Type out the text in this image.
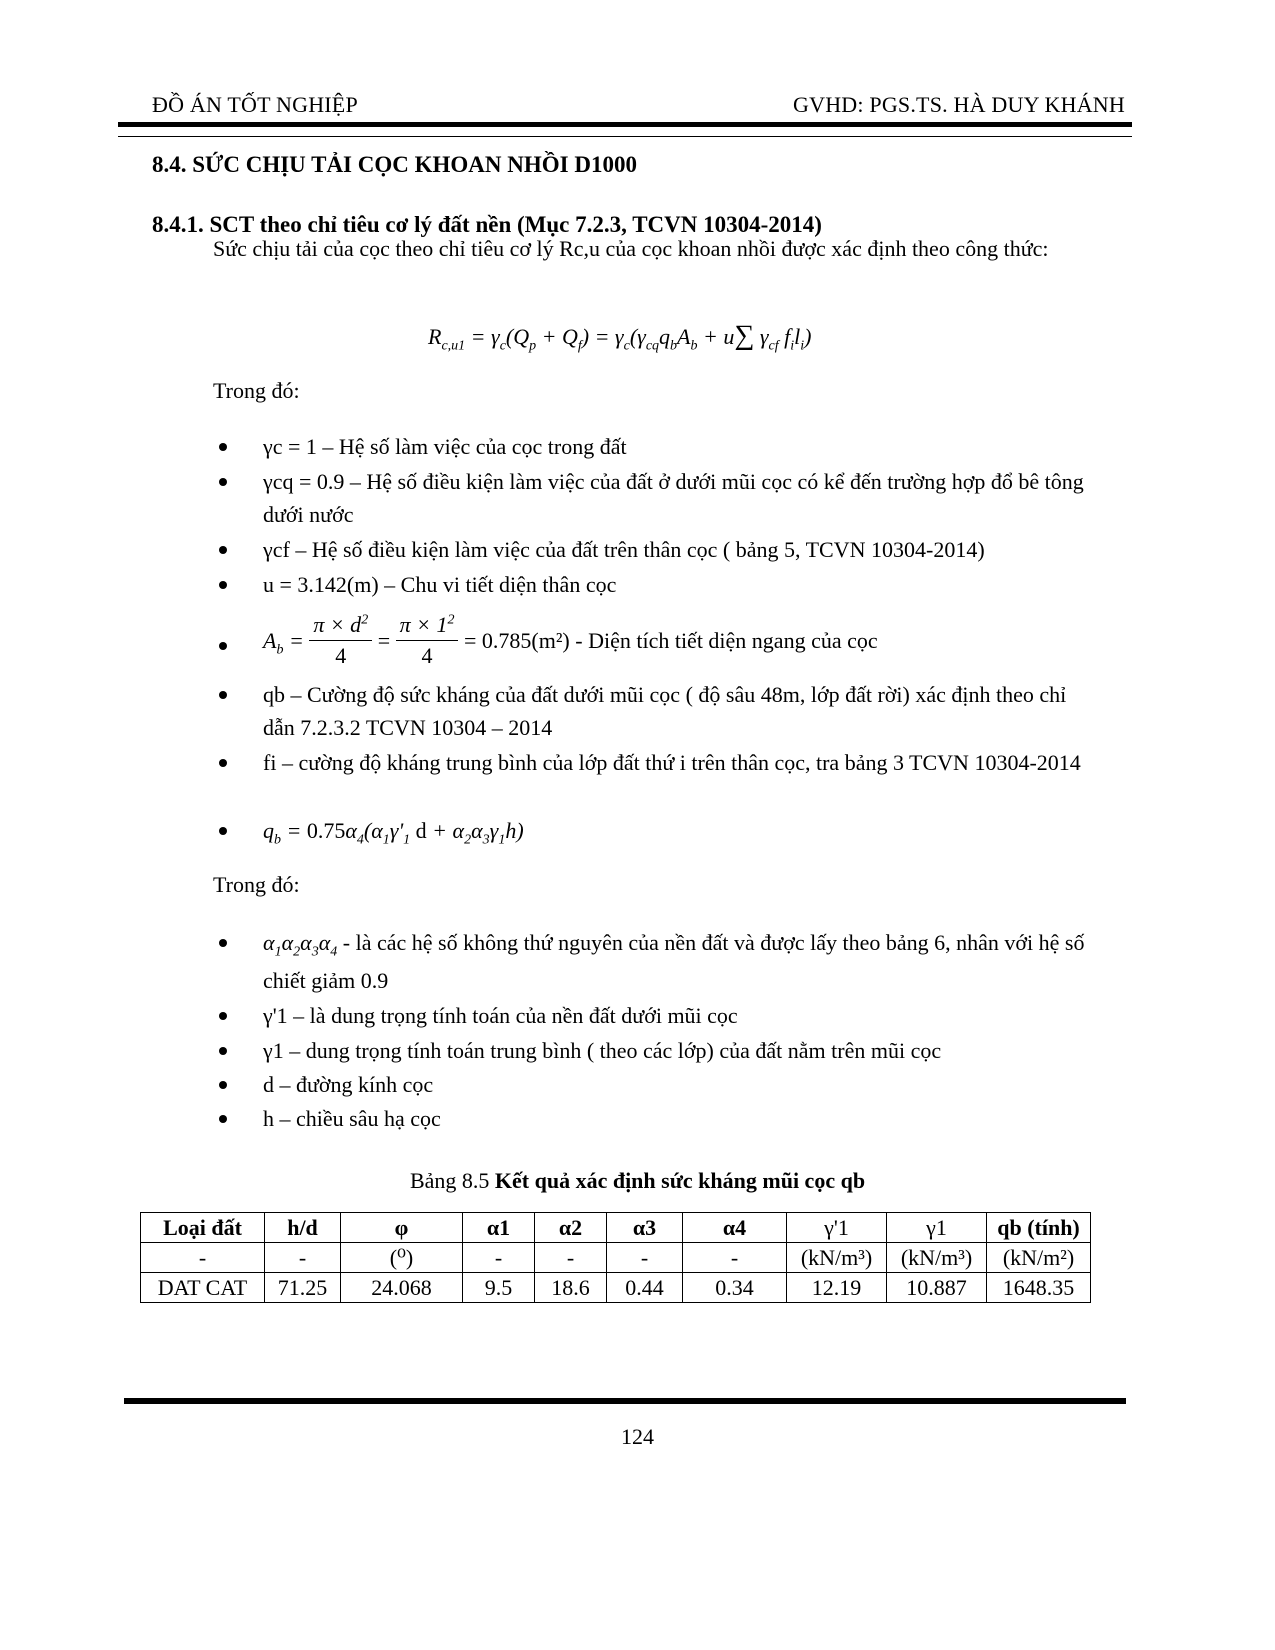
ĐỒ ÁN TỐT NGHIỆP	GVHD: PGS.TS. HÀ DUY KHÁNH
8.4. SỨC CHỊU TẢI CỌC KHOAN NHỒI D1000
8.4.1. SCT theo chỉ tiêu cơ lý đất nền (Mục 7.2.3, TCVN 10304-2014)
Sức chịu tải của cọc theo chỉ tiêu cơ lý Rc,u của cọc khoan nhồi được xác định theo công thức:
$R_{c,u1} = \gamma_c(Q_p + Q_f) = \gamma_c(\gamma_{cq}q_bA_b + u\sum$ $\gamma_{cf}$ $f_il_i$)
Trong đó:
γc = 1 – Hệ số làm việc của cọc trong đất
γcq = 0.9 – Hệ số điều kiện làm việc của đất ở dưới mũi cọc có kể đến trường hợp đổ bê tông dưới nước
γcf – Hệ số điều kiện làm việc của đất trên thân cọc ( bảng 5, TCVN 10304-2014)
u = 3.142(m) – Chu vi tiết diện thân cọc
$A_b = \frac{\pi \times d^2}{4} = \frac{\pi \times 1^2}{4} = 0.785(m^2)$ - Diện tích tiết diện ngang của cọc
qb – Cường độ sức kháng của đất dưới mũi cọc ( độ sâu 48m, lớp đất rời) xác định theo chỉ dẫn 7.2.3.2 TCVN 10304 – 2014
fi – cường độ kháng trung bình của lớp đất thứ i trên thân cọc, tra bảng 3 TCVN 10304-2014
$q_b = 0.75\alpha_4(\alpha_1\gamma'_1$ $d + \alpha_2\alpha_3\gamma_1h$)
Trong đó:
$\alpha_1\alpha_2\alpha_3\alpha_4$ - là các hệ số không thứ nguyên của nền đất và được lấy theo bảng 6, nhân với hệ số chiết giảm 0.9
γ'1 – là dung trọng tính toán của nền đất dưới mũi cọc
γ1 – dung trọng tính toán trung bình ( theo các lớp) của đất nằm trên mũi cọc
d – đường kính cọc
h – chiều sâu hạ cọc
Bảng 8.5 Kết quả xác định sức kháng mũi cọc qb
Loại đất	h/d	φ	α1	α2	α3	α4	γ'1	γ1	qb (tính)
-	-	(⁰)	-	-	-	-	(kN/m³)	(kN/m³)	(kN/m²)
DAT CAT	71.25	24.068	9.5	18.6	0.44	0.34	12.19	10.887	1648.35
124
